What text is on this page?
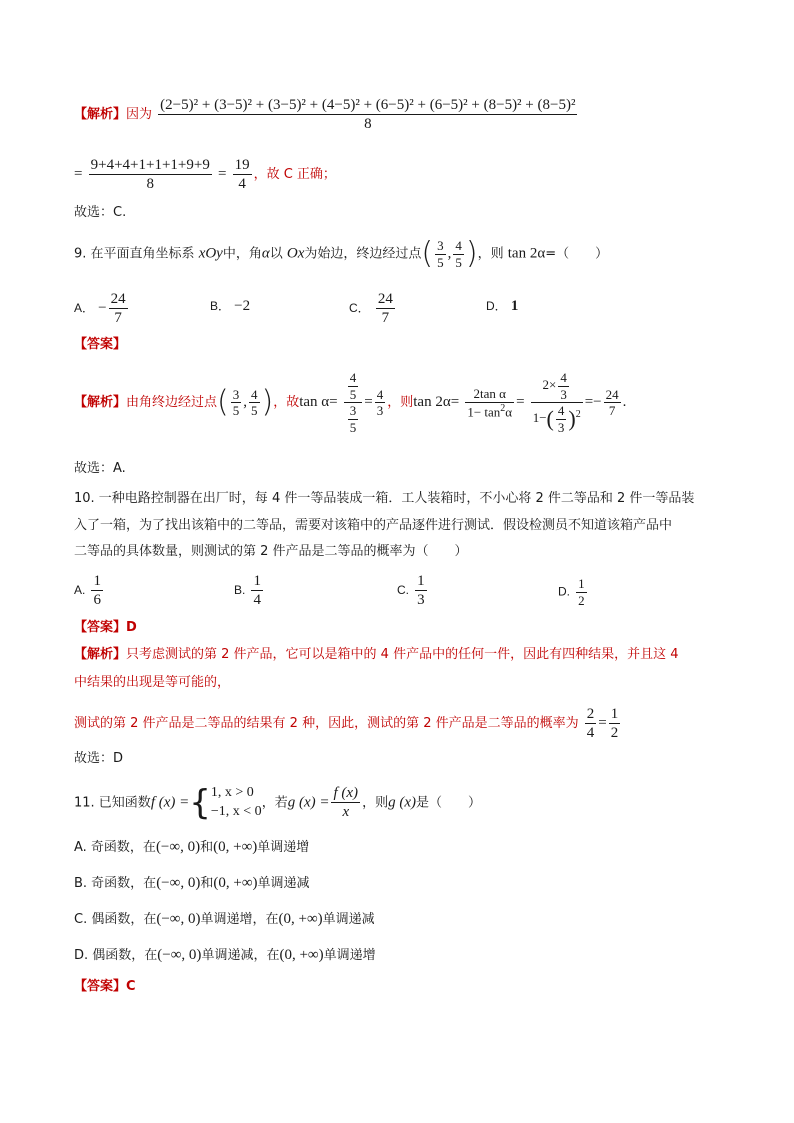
【解析】因为
(2−5)² + (3−5)² + (3−5)² + (4−5)² + (6−5)² + (6−5)² + (8−5)² + (8−5)²
8
= $\frac{9+4+4+1+1+1+9+9}{8} = \frac{19}{4}$ ，故 C 正确；
故选：C.
9. 在平面直角坐标系 xOy中，角α以 Ox为始边，终边经过点( $\frac{3}{5}$ , $\frac{4}{5}$ )，则 tan 2α=（　　）
A． − $\frac{24}{7}$	B． −2	C． $\frac{24}{7}$	D． 1
【答案】
【解析】由角终边经过点( $\frac{3}{5}$ , $\frac{4}{5}$ )，故$\tan \alpha= \frac{\frac{4}{5}}{\frac{3}{5}} = \frac{4}{3}$ ，则$\tan 2\alpha= \frac{\text{2tan α}}{1- \tan^2\alpha} = \frac{2\times \frac{4}{3}}{1-( \frac{4}{3} )^2} =- \frac{24}{7}$ .
故选：A.
10. 一种电路控制器在出厂时，每 4 件一等品装成一箱．工人装箱时，不小心将 2 件二等品和 2 件一等品装
入了一箱，为了找出该箱中的二等品，需要对该箱中的产品逐件进行测试．假设检测员不知道该箱产品中
二等品的具体数量，则测试的第 2 件产品是二等品的概率为（　　）
A. $\frac{1}{6}$	B. $\frac{1}{4}$	C. $\frac{1}{3}$	D. $\frac{1}{2}$
【答案】D
【解析】只考虑测试的第 2 件产品，它可以是箱中的 4 件产品中的任何一件，因此有四种结果，并且这 4
中结果的出现是等可能的，
测试的第 2 件产品是二等品的结果有 2 种，因此，测试的第 2 件产品是二等品的概率为 $\frac{2}{4} = \frac{1}{2}$
故选：D
11. 已知函数f (x) ={ 1, x > 0
−1, x < 0
，若g $(x) = \frac{f (x)}{x}$ ，则g (x)是（　　）
A. 奇函数，在(−∞, 0)和(0, +∞)单调递增
B. 奇函数，在(−∞, 0)和(0, +∞)单调递减
C. 偶函数，在(−∞, 0)单调递增，在(0, +∞)单调递减
D. 偶函数，在(−∞, 0)单调递减，在(0, +∞)单调递增
【答案】C
